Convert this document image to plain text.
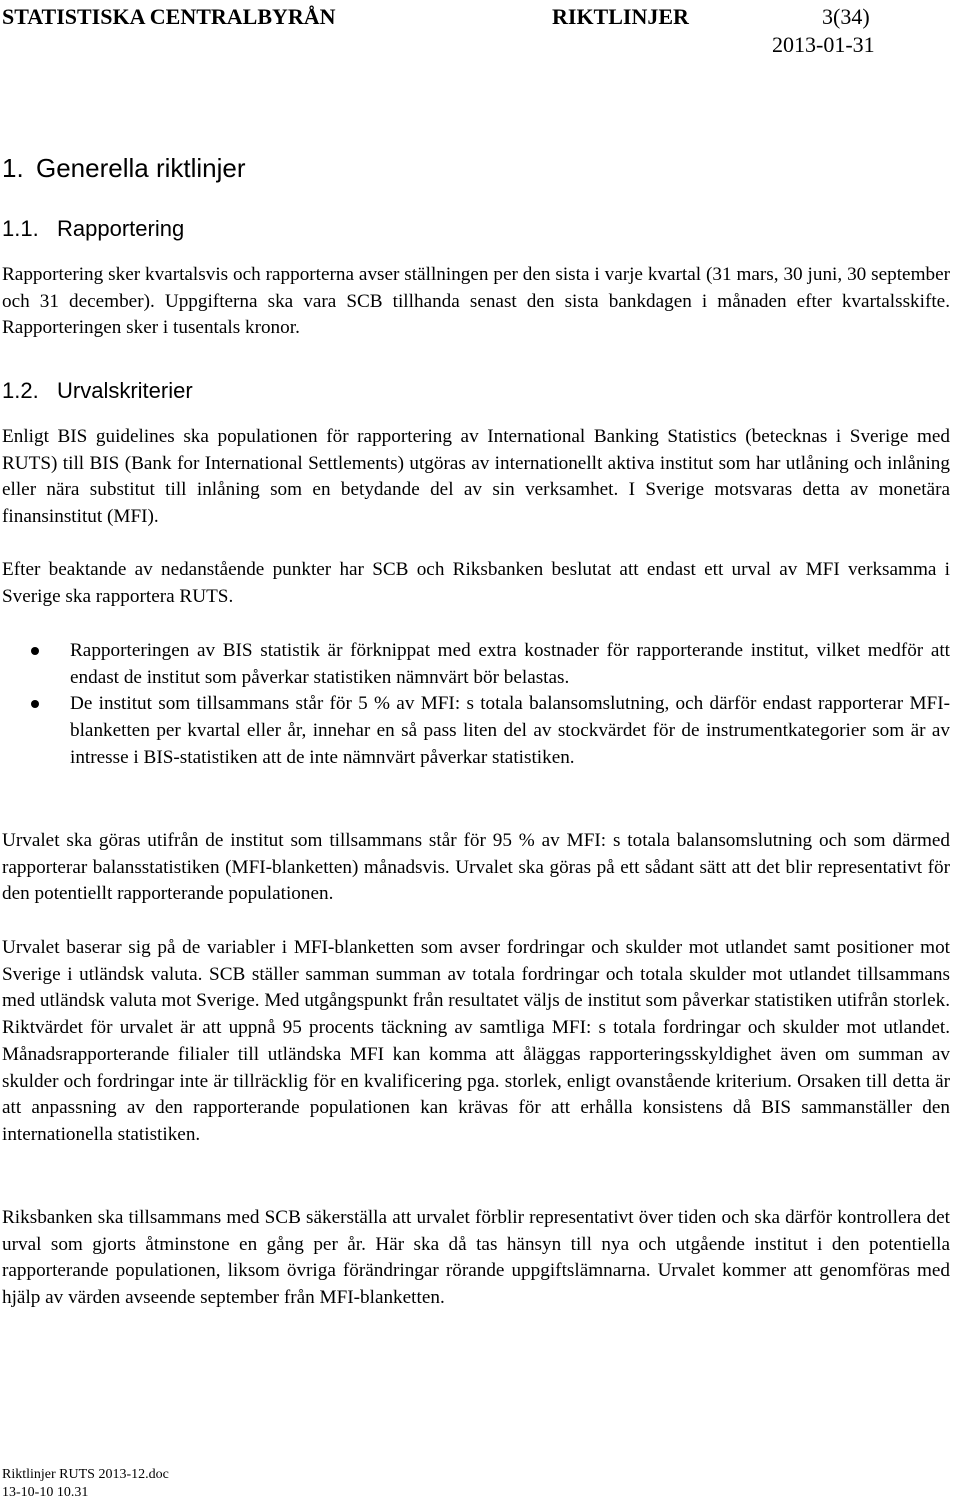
STATISTISKA CENTRALBYRÅN	RIKTLINJER	3(34)
2013-01-31
1. Generella riktlinjer
1.1. Rapportering

Rapportering sker kvartalsvis och rapporterna avser ställningen per den sista i varje kvartal (31 mars, 30 juni, 30 september och 31 december). Uppgifterna ska vara SCB tillhanda senast den sista bankdagen i månaden efter kvartalsskifte. Rapporteringen sker i tusentals kronor.

1.2. Urvalskriterier

Enligt BIS guidelines ska populationen för rapportering av International Banking Statistics (betecknas i Sverige med RUTS) till BIS (Bank for International Settlements) utgöras av internationellt aktiva institut som har utlåning och inlåning eller nära substitut till inlåning som en betydande del av sin verksamhet. I Sverige motsvaras detta av monetära finansinstitut (MFI).

Efter beaktande av nedanstående punkter har SCB och Riksbanken beslutat att endast ett urval av MFI verksamma i Sverige ska rapportera RUTS.

Rapporteringen av BIS statistik är förknippat med extra kostnader för rapporterande institut, vilket medför att endast de institut som påverkar statistiken nämnvärt bör belastas.
De institut som tillsammans står för 5 % av MFI: s totala balansomslutning, och därför endast rapporterar MFI-blanketten per kvartal eller år, innehar en så pass liten del av stockvärdet för de instrumentkategorier som är av intresse i BIS-statistiken att de inte nämnvärt påverkar statistiken.

Urvalet ska göras utifrån de institut som tillsammans står för 95 % av MFI: s totala balansomslutning och som därmed rapporterar balansstatistiken (MFI-blanketten) månadsvis. Urvalet ska göras på ett sådant sätt att det blir representativt för den potentiellt rapporterande populationen.

Urvalet baserar sig på de variabler i MFI-blanketten som avser fordringar och skulder mot utlandet samt positioner mot Sverige i utländsk valuta. SCB ställer samman summan av totala fordringar och totala skulder mot utlandet tillsammans med utländsk valuta mot Sverige. Med utgångspunkt från resultatet väljs de institut som påverkar statistiken utifrån storlek. Riktvärdet för urvalet är att uppnå 95 procents täckning av samtliga MFI: s totala fordringar och skulder mot utlandet. Månadsrapporterande filialer till utländska MFI kan komma att åläggas rapporteringsskyldighet även om summan av skulder och fordringar inte är tillräcklig för en kvalificering pga. storlek, enligt ovanstående kriterium. Orsaken till detta är att anpassning av den rapporterande populationen kan krävas för att erhålla konsistens då BIS sammanställer den internationella statistiken.

Riksbanken ska tillsammans med SCB säkerställa att urvalet förblir representativt över tiden och ska därför kontrollera det urval som gjorts åtminstone en gång per år. Här ska då tas hänsyn till nya och utgående institut i den potentiella rapporterande populationen, liksom övriga förändringar rörande uppgiftslämnarna. Urvalet kommer att genomföras med hjälp av värden avseende september från MFI-blanketten.

Riktlinjer RUTS 2013-12.doc
13-10-10 10.31
